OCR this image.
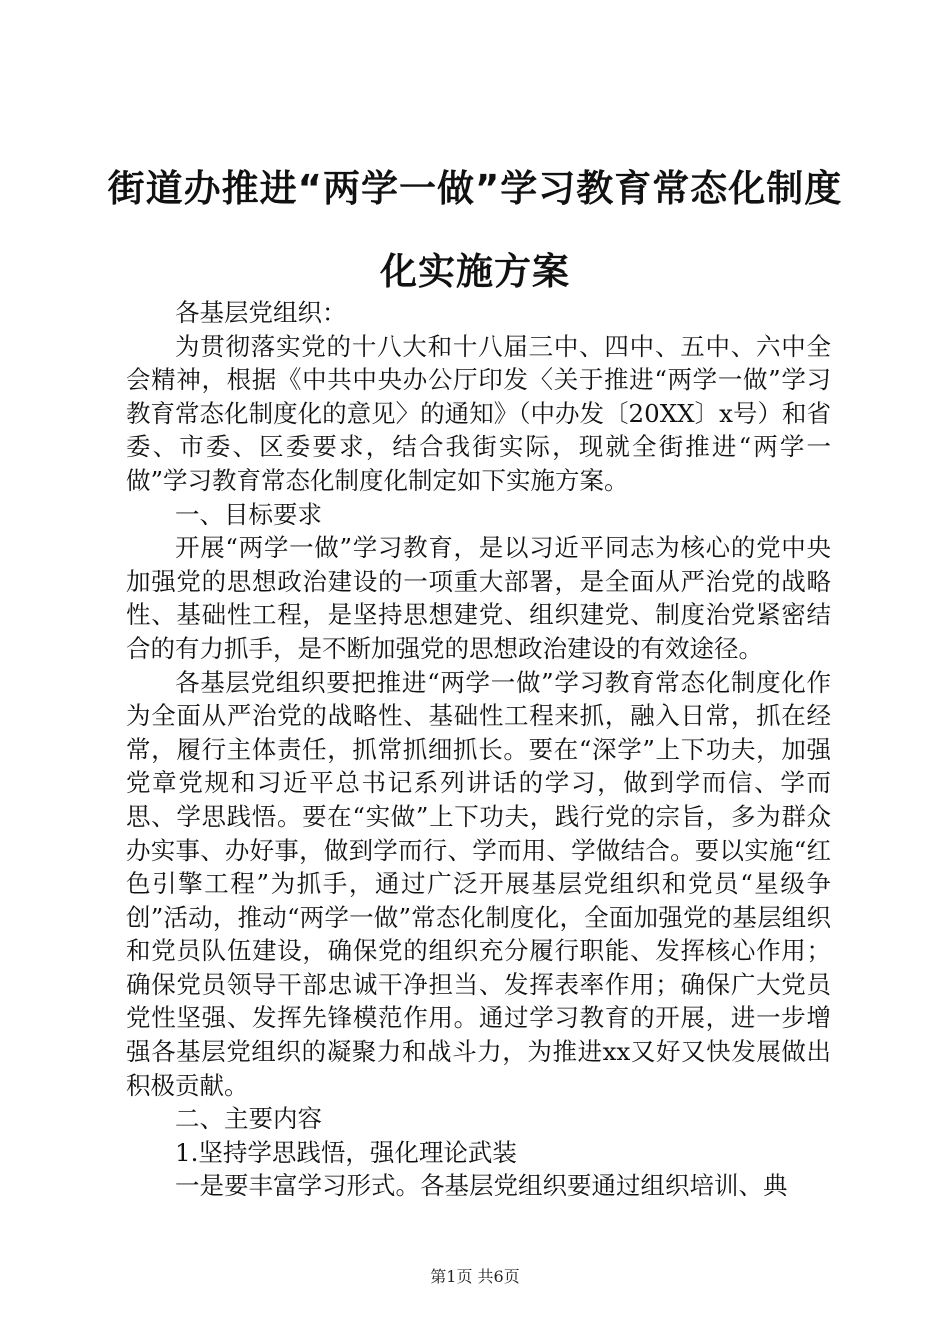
街道办推进“两学一做”学习教育常态化制度
化实施方案

各基层党组织：

为贯彻落实党的十八大和十八届三中、四中、五中、六中全会精神，根据《中共中央办公厅印发〈关于推进“两学一做”学习教育常态化制度化的意见〉的通知》（中办发〔20XX〕x号）和省委、市委、区委要求，结合我街实际，现就全街推进“两学一做”学习教育常态化制度化制定如下实施方案。

一、目标要求

开展“两学一做”学习教育，是以习近平同志为核心的党中央加强党的思想政治建设的一项重大部署，是全面从严治党的战略性、基础性工程，是坚持思想建党、组织建党、制度治党紧密结合的有力抓手，是不断加强党的思想政治建设的有效途径。

各基层党组织要把推进“两学一做”学习教育常态化制度化作为全面从严治党的战略性、基础性工程来抓，融入日常，抓在经常，履行主体责任，抓常抓细抓长。要在“深学”上下功夫，加强党章党规和习近平总书记系列讲话的学习，做到学而信、学而思、学思践悟。要在“实做”上下功夫，践行党的宗旨，多为群众办实事、办好事，做到学而行、学而用、学做结合。要以实施“红色引擎工程”为抓手，通过广泛开展基层党组织和党员“星级争创”活动，推动“两学一做”常态化制度化，全面加强党的基层组织和党员队伍建设，确保党的组织充分履行职能、发挥核心作用；确保党员领导干部忠诚干净担当、发挥表率作用；确保广大党员党性坚强、发挥先锋模范作用。通过学习教育的开展，进一步增强各基层党组织的凝聚力和战斗力，为推进xx又好又快发展做出积极贡献。

二、主要内容

1.坚持学思践悟，强化理论武装

一是要丰富学习形式。各基层党组织要通过组织培训、典

第1页 共6页
